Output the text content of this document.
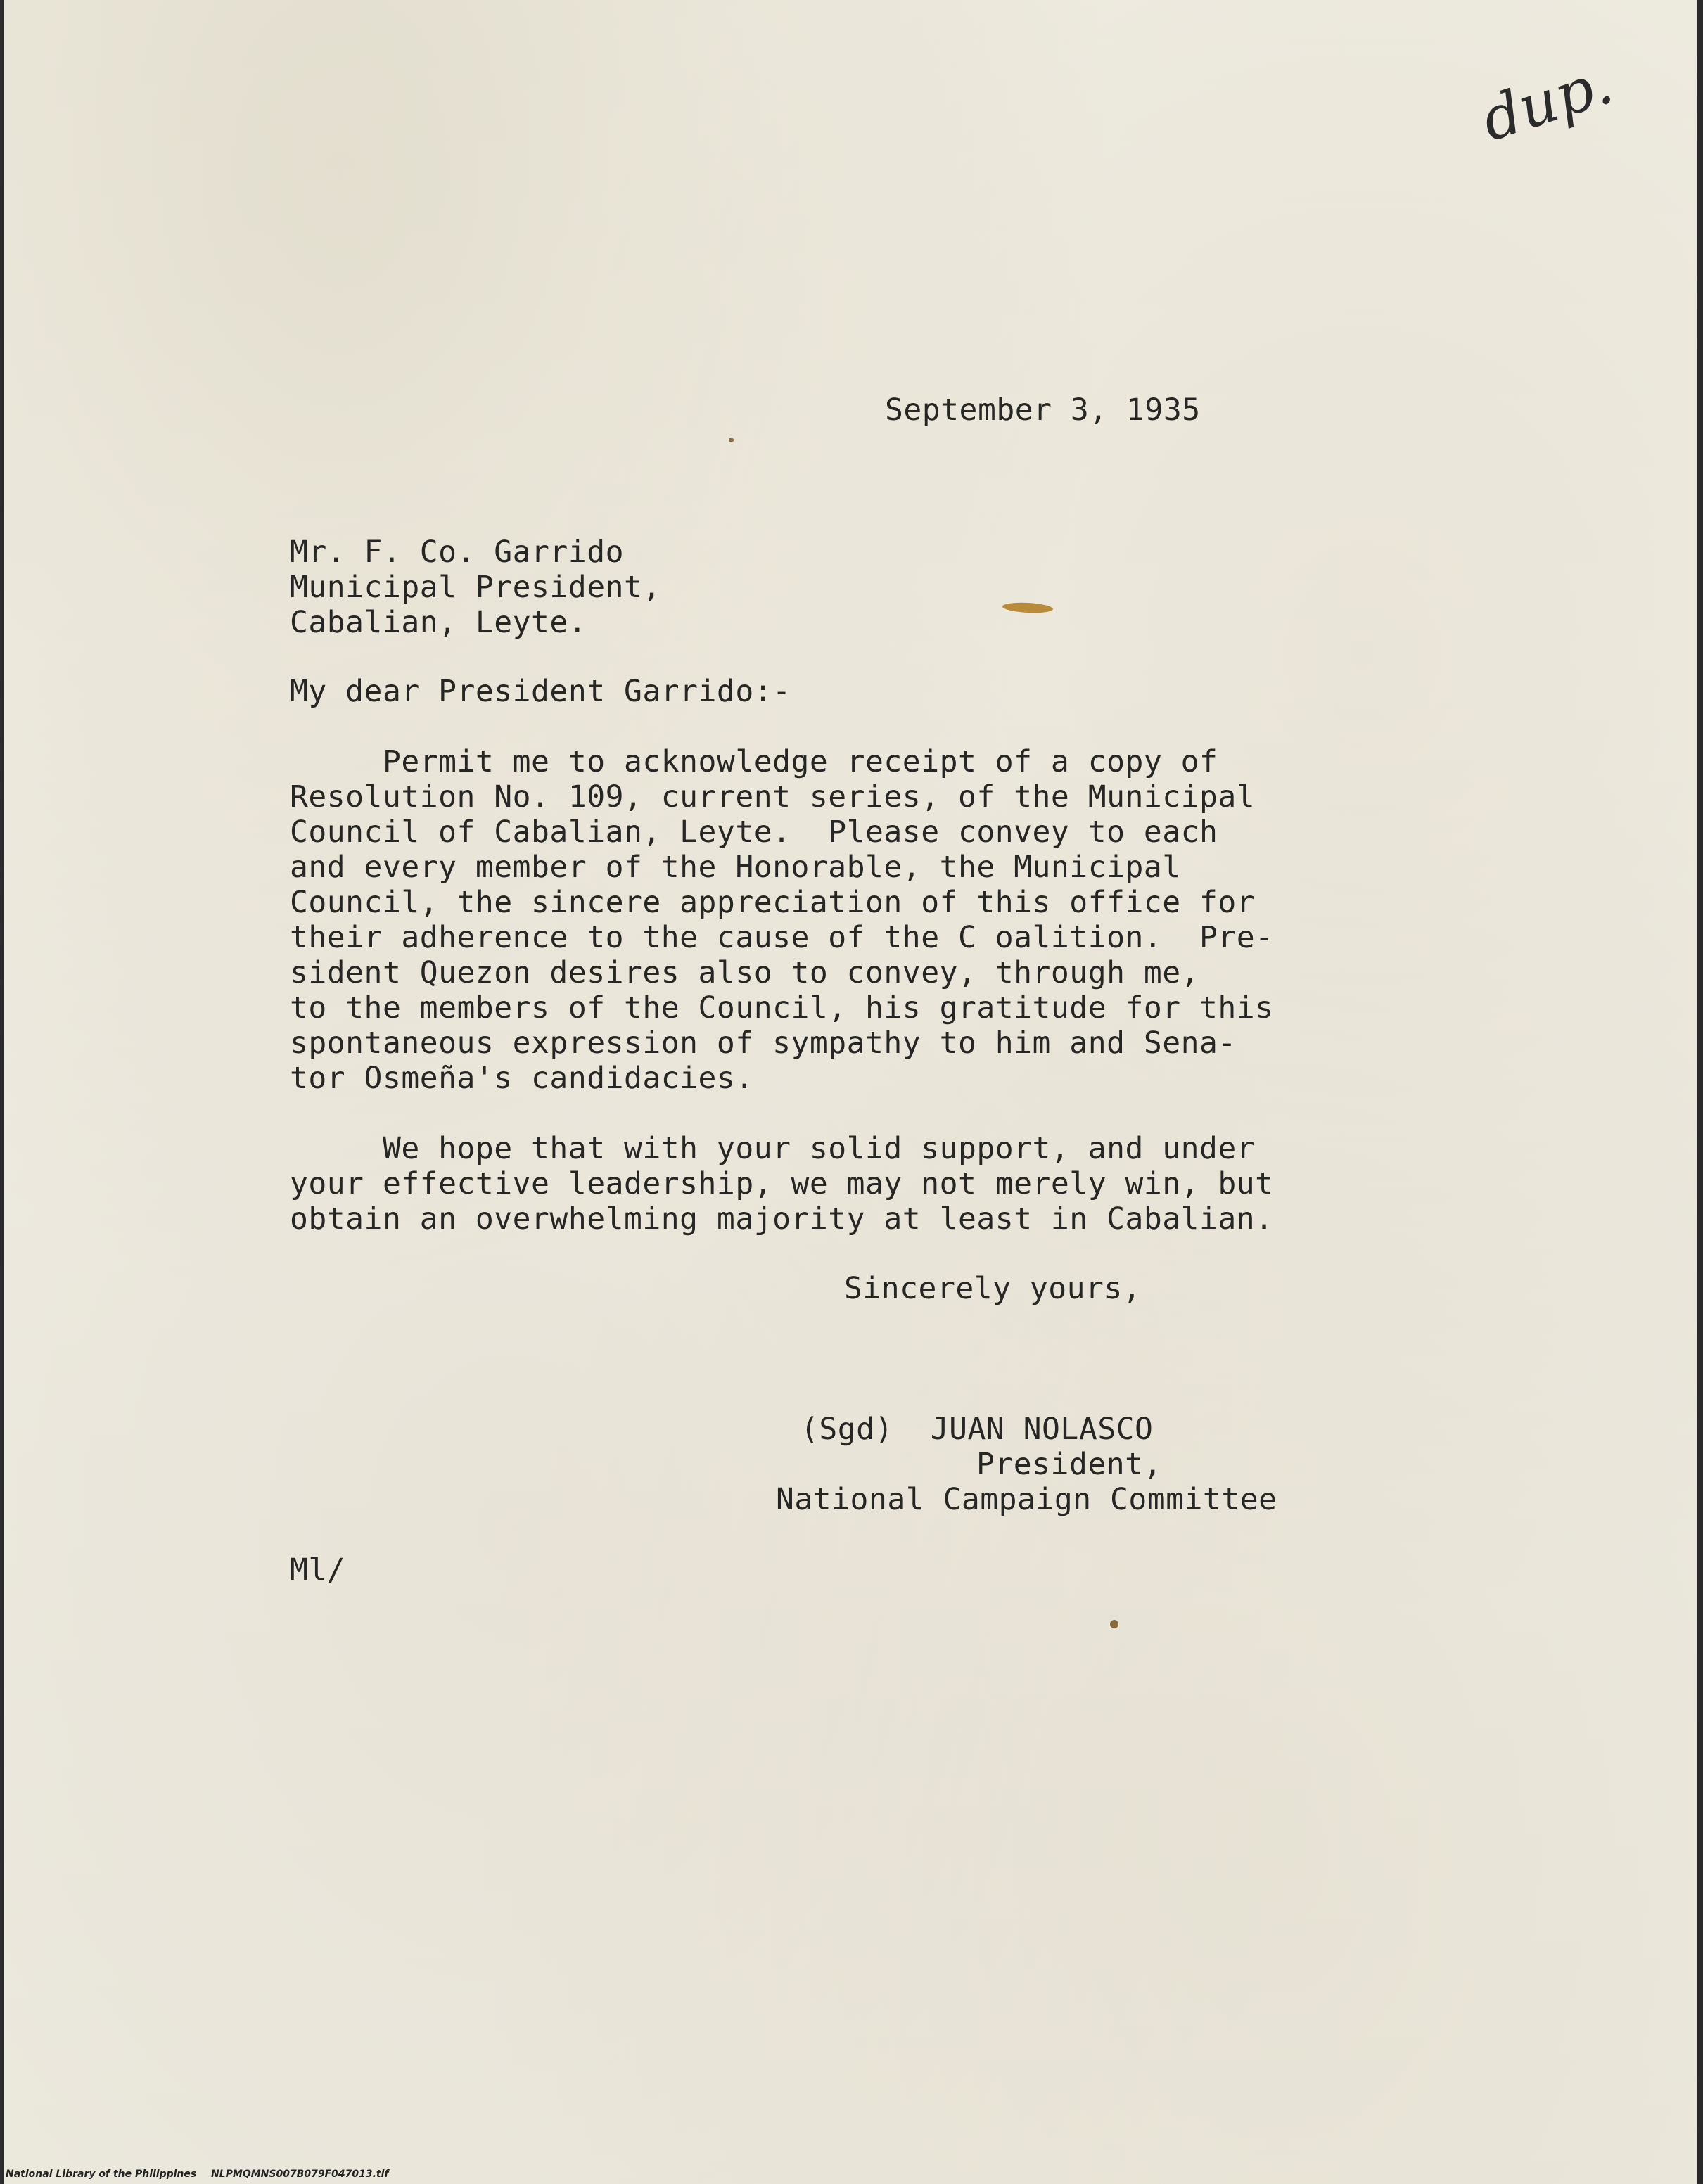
dup.
September 3, 1935
Mr. F. Co. Garrido
Municipal President,
Cabalian, Leyte.
My dear President Garrido:-
Permit me to acknowledge receipt of a copy of
Resolution No. 109, current series, of the Municipal
Council of Cabalian, Leyte.  Please convey to each
and every member of the Honorable, the Municipal
Council, the sincere appreciation of this office for
their adherence to the cause of the C oalition.  Pre-
sident Quezon desires also to convey, through me,
to the members of the Council, his gratitude for this
spontaneous expression of sympathy to him and Sena-
tor Osmeña's candidacies.
We hope that with your solid support, and under
your effective leadership, we may not merely win, but
obtain an overwhelming majority at least in Cabalian.
Sincerely yours,
(Sgd)  JUAN NOLASCO
President,
National Campaign Committee
Ml/
National Library of the Philippines NLPMQMNS007B079F047013.tif
